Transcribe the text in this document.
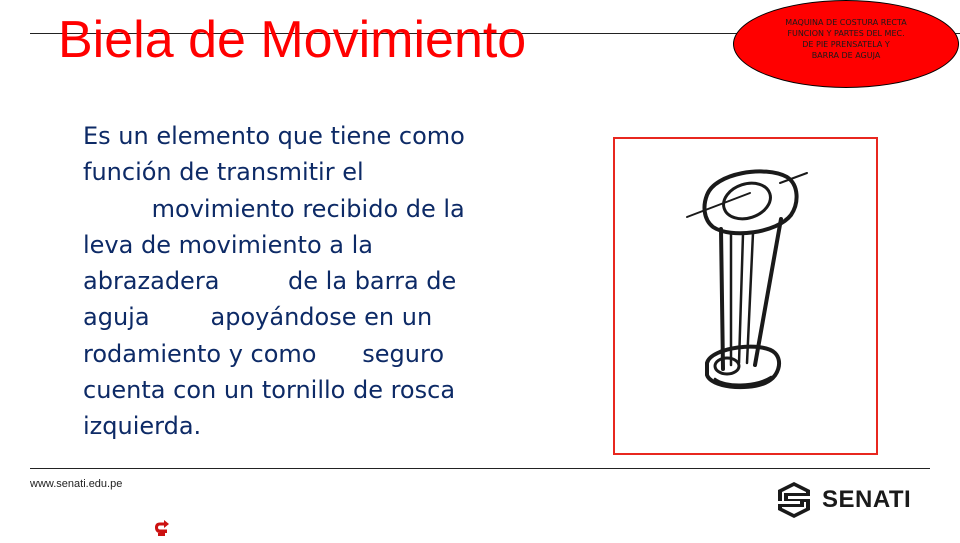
Biela de Movimiento	MAQUINA DE COSTURA RECTA
FUNCION Y PARTES DEL MEC.
DE PIE PRENSATELA Y
BARRA DE AGUJA
Es un elemento que tiene como
función de transmitir el
movimiento recibido de la
leva de movimiento a la
abrazadera         de la barra de
aguja        apoyándose en un
rodamiento y como      seguro
cuenta con un tornillo de rosca
izquierda.
www.senati.edu.pe
SENATI
